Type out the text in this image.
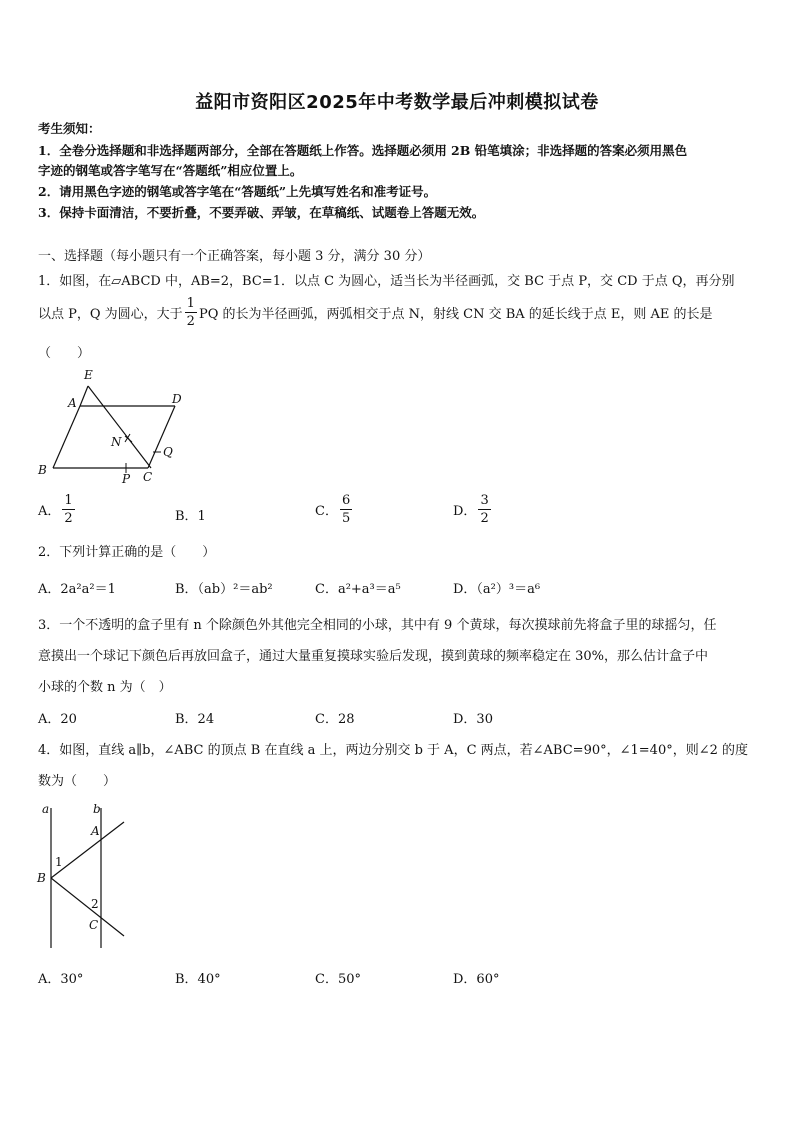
益阳市资阳区2025年中考数学最后冲刺模拟试卷
考生须知：
1．全卷分选择题和非选择题两部分，全部在答题纸上作答。选择题必须用 2B 铅笔填涂；非选择题的答案必须用黑色
字迹的钢笔或答字笔写在“答题纸”相应位置上。
2．请用黑色字迹的钢笔或答字笔在“答题纸”上先填写姓名和准考证号。
3．保持卡面清洁，不要折叠，不要弄破、弄皱，在草稿纸、试题卷上答题无效。
一、选择题（每小题只有一个正确答案，每小题 3 分，满分 30 分）
1．如图，在▱ABCD 中，AB=2，BC=1．以点 C 为圆心，适当长为半径画弧，交 BC 于点 P，交 CD 于点 Q，再分别
以点 P，Q 为圆心，大于 $\frac{1}{2}$ PQ 的长为半径画弧，两弧相交于点 N，射线 CN 交 BA 的延长线于点 E，则 AE 的长是
（　　）
E
A	D
N
Q
B
P C
A． $\frac{1}{2}$	B．1	C． $\frac{6}{5}$	D． $\frac{3}{2}$
2．下列计算正确的是（　　）
A．2a²a²＝1	B．（ab）²＝ab²	C．a²+a³＝a⁵	D．（a²）³＝a⁶
3．一个不透明的盒子里有 n 个除颜色外其他完全相同的小球，其中有 9 个黄球，每次摸球前先将盒子里的球摇匀，任
意摸出一个球记下颜色后再放回盒子，通过大量重复摸球实验后发现，摸到黄球的频率稳定在 30%，那么估计盒子中
小球的个数 n 为（　）
A．20	B．24	C．28	D．30
4．如图，直线 a∥b，∠ABC 的顶点 B 在直线 a 上，两边分别交 b 于 A，C 两点，若∠ABC=90°，∠1=40°，则∠2 的度
数为（　　）
a	b
A
1
B
2
C
A．30°	B．40°	C．50°	D．60°
